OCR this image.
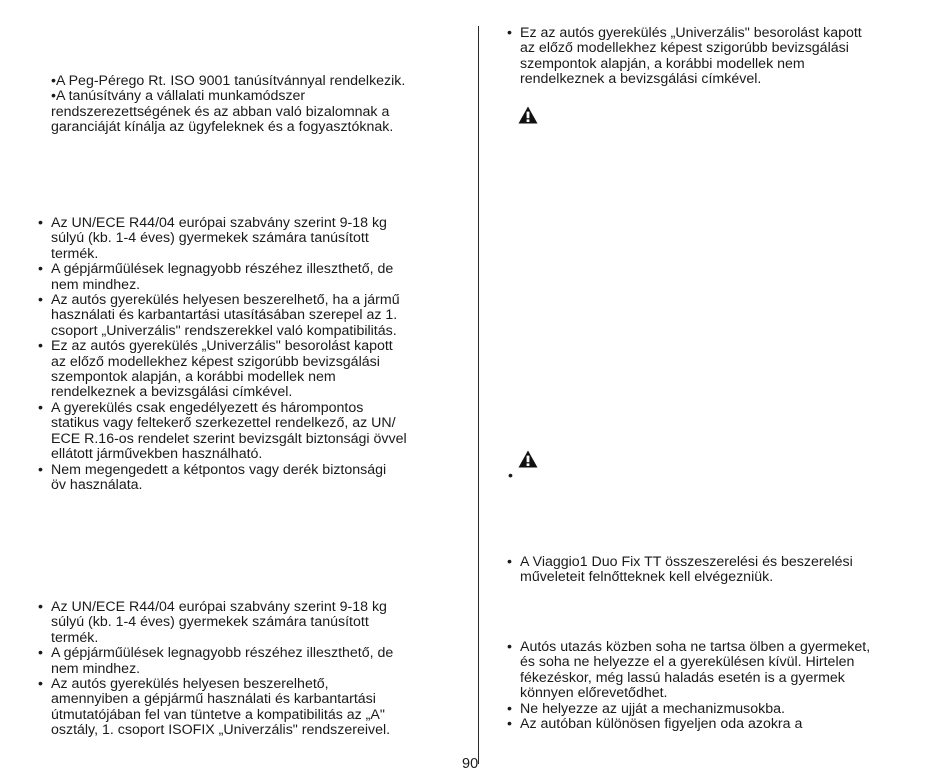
•A Peg-Pérego Rt. ISO 9001 tanúsítvánnyal rendelkezik.
•A tanúsítvány a vállalati munkamódszer
rendszerezettségének és az abban való bizalomnak a
garanciáját kínálja az ügyfeleknek és a fogyasztóknak.
• Az UN/ECE R44/04 európai szabvány szerint 9-18 kg
súlyú (kb. 1-4 éves) gyermekek számára tanúsított
termék.
• A gépjárműülések legnagyobb részéhez illeszthető, de
nem mindhez.
• Az autós gyerekülés helyesen beszerelhető, ha a jármű
használati és karbantartási utasításában szerepel az 1.
csoport „Univerzális" rendszerekkel való kompatibilitás.
• Ez az autós gyerekülés „Univerzális" besorolást kapott
az előző modellekhez képest szigorúbb bevizsgálási
szempontok alapján, a korábbi modellek nem
rendelkeznek a bevizsgálási címkével.
• A gyerekülés csak engedélyezett és hárompontos
statikus vagy feltekerő szerkezettel rendelkező, az UN/
ECE R.16-os rendelet szerint bevizsgált biztonsági övvel
ellátott járművekben használható.
• Nem megengedett a kétpontos vagy derék biztonsági
öv használata.
• Az UN/ECE R44/04 európai szabvány szerint 9-18 kg
súlyú (kb. 1-4 éves) gyermekek számára tanúsított
termék.
• A gépjárműülések legnagyobb részéhez illeszthető, de
nem mindhez.
• Az autós gyerekülés helyesen beszerelhető,
amennyiben a gépjármű használati és karbantartási
útmutatójában fel van tüntetve a kompatibilitás az „A"
osztály, 1. csoport ISOFIX „Univerzális" rendszereivel.
• Ez az autós gyerekülés „Univerzális" besorolást kapott
az előző modellekhez képest szigorúbb bevizsgálási
szempontok alapján, a korábbi modellek nem
rendelkeznek a bevizsgálási címkével.
•
• A Viaggio1 Duo Fix TT összeszerelési és beszerelési
műveleteit felnőtteknek kell elvégezniük.
• Autós utazás közben soha ne tartsa ölben a gyermeket,
és soha ne helyezze el a gyerekülésen kívül. Hirtelen
fékezéskor, még lassú haladás esetén is a gyermek
könnyen előrevetődhet.
• Ne helyezze az ujját a mechanizmusokba.
• Az autóban különösen figyeljen oda azokra a
90
